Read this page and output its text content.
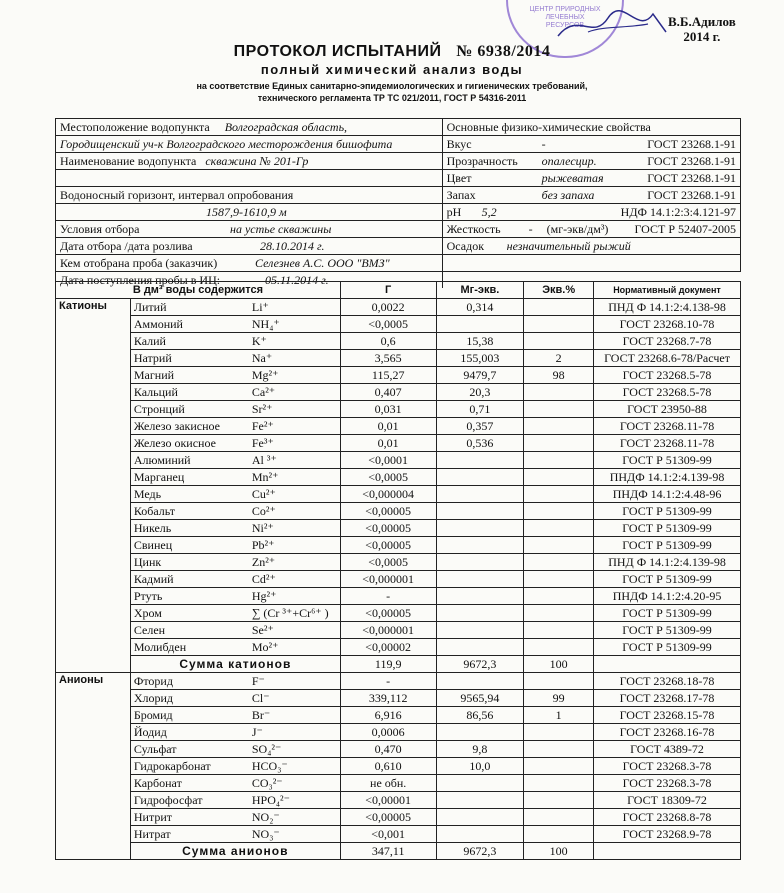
ЦЕНТР ПРИРОДНЫХ ЛЕЧЕБНЫХ РЕСУРСОВ	В.Б.Адилов
2014 г.
ПРОТОКОЛ ИСПЫТАНИЙ № 6938/2014
полный химический анализ воды
на соответствие Единых санитарно-эпидемиологических и гигиенических требований,
технического регламента ТР ТС 021/2011, ГОСТ Р 54316-2011
Местоположение водопункта Волгоградская область,	Основные физико-химические свойства
Городищенский уч-к Волгоградского месторождения бишофита	Вкус - ГОСТ 23268.1-91

Наименование водопункта скважина № 201-Гр	Прозрачность опалесцир. ГОСТ 23268.1-91

	Цвет рыжеватая ГОСТ 23268.1-91

Водоносный горизонт, интервал опробования	Запах без запаха ГОСТ 23268.1-91

1587,9-1610,9 м	pH 5,2 НДФ 14.1:2:3:4.121-97

Условия отбора на устье скважины	Жесткость - (мг-экв/дм³) ГОСТ Р 52407-2005

Дата отбора /дата розлива 28.10.2014 г.	Осадок незначительный рыжий
Кем отобрана проба (заказчик) Селезнев А.С. ООО "ВМЗ"	
Дата поступления пробы в ИЦ: 05.11.2014 г.	
В дм³ воды содержится		Г	Мг-экв.	Экв.%	Нормативный документ
Катионы	Литий Li⁺	0,0022	0,314		ПНД Ф 14.1:2:4.138-98
	Аммоний NH₄⁺	<0,0005			ГОСТ 23268.10-78
	Калий K⁺	0,6	15,38		ГОСТ 23268.7-78
	Натрий Na⁺	3,565	155,003	2	ГОСТ 23268.6-78/Расчет
	Магний Mg²⁺	115,27	9479,7	98	ГОСТ 23268.5-78
	Кальций Ca²⁺	0,407	20,3		ГОСТ 23268.5-78
	Стронций Sr²⁺	0,031	0,71		ГОСТ 23950-88
	Железо закисное Fe²⁺	0,01	0,357		ГОСТ 23268.11-78
	Железо окисное Fe³⁺	0,01	0,536		ГОСТ 23268.11-78
	Алюминий Al ³⁺	<0,0001			ГОСТ Р 51309-99
	Марганец Mn²⁺	<0,0005			ПНДФ 14.1:2:4.139-98
	Медь Cu²⁺	<0,000004			ПНДФ 14.1:2:4.48-96
	Кобальт Co²⁺	<0,00005			ГОСТ Р 51309-99
	Никель Ni²⁺	<0,00005			ГОСТ Р 51309-99
	Свинец Pb²⁺	<0,00005			ГОСТ Р 51309-99
	Цинк Zn²⁺	<0,0005			ПНД Ф 14.1:2:4.139-98
	Кадмий Cd²⁺	<0,000001			ГОСТ Р 51309-99
	Ртуть Hg²⁺	-			ПНДФ 14.1:2:4.20-95
	Хром ∑ (Cr ³⁺+Cr⁶⁺ )	<0,00005			ГОСТ Р 51309-99
	Селен Se²⁺	<0,000001			ГОСТ Р 51309-99
	Молибден Mo²⁺	<0,00002			ГОСТ Р 51309-99
	Сумма катионов	119,9	9672,3	100	
Анионы	Фторид F⁻	-			ГОСТ 23268.18-78
	Хлорид Cl⁻	339,112	9565,94	99	ГОСТ 23268.17-78
	Бромид Br⁻	6,916	86,56	1	ГОСТ 23268.15-78
	Йодид J⁻	0,0006			ГОСТ 23268.16-78
	Сульфат SO₄²⁻	0,470	9,8		ГОСТ 4389-72
	Гидрокарбонат HCO₃⁻	0,610	10,0		ГОСТ 23268.3-78
	Карбонат CO₃²⁻	не обн.			ГОСТ 23268.3-78
	Гидрофосфат HPO₄²⁻	<0,00001			ГОСТ 18309-72
	Нитрит NO₂⁻	<0,00005			ГОСТ 23268.8-78
	Нитрат NO₃⁻	<0,001			ГОСТ 23268.9-78
	Сумма анионов	347,11	9672,3	100	
